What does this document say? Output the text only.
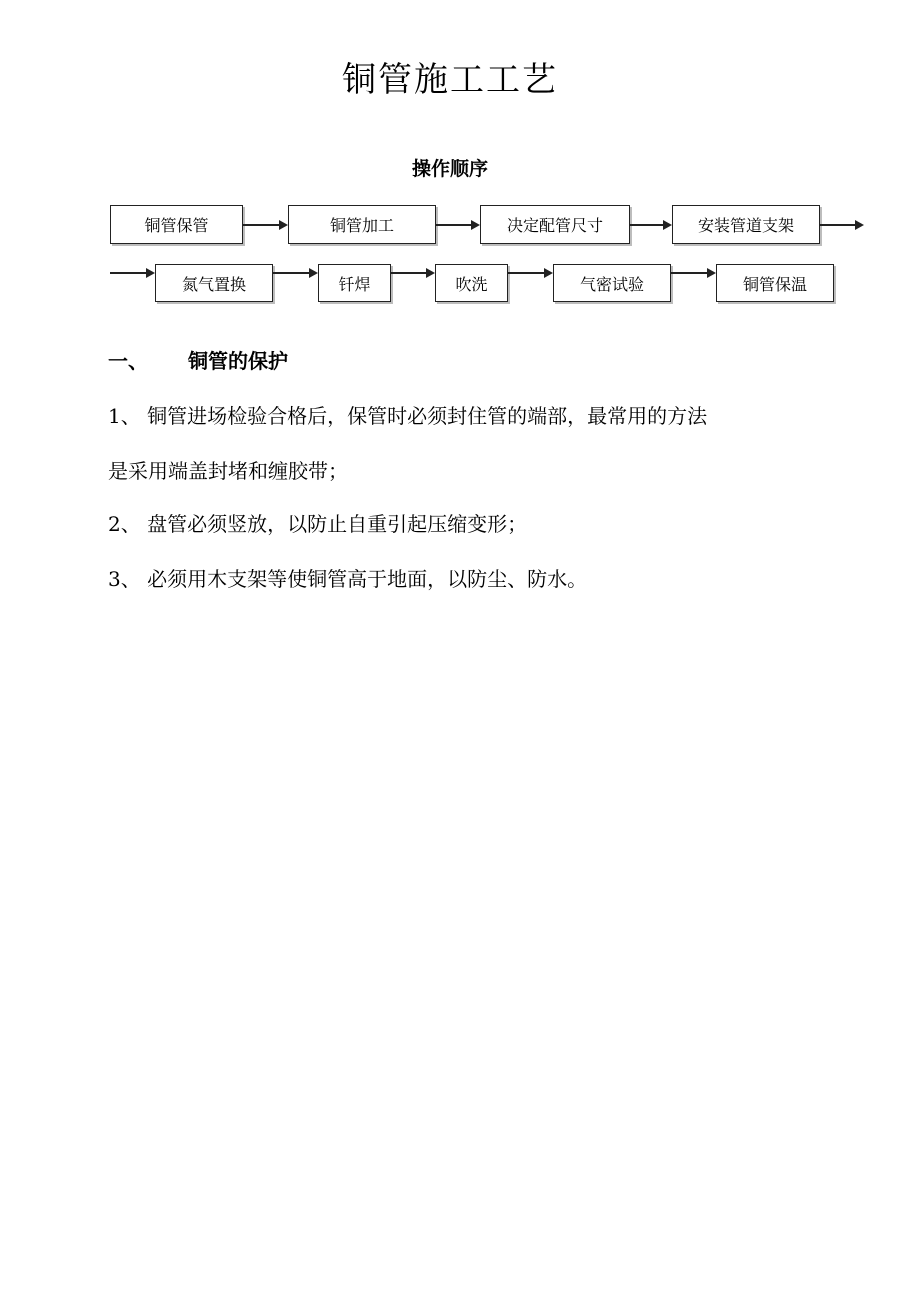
铜管施工工艺
操作顺序
铜管保管	铜管加工	决定配管尺寸	安装管道支架
氮气置换	钎焊	吹洗	气密试验	铜管保温
一、 铜管的保护
1、 铜管进场检验合格后，保管时必须封住管的端部，最常用的方法
是采用端盖封堵和缠胶带；
2、 盘管必须竖放，以防止自重引起压缩变形；
3、 必须用木支架等使铜管高于地面，以防尘、防水。
